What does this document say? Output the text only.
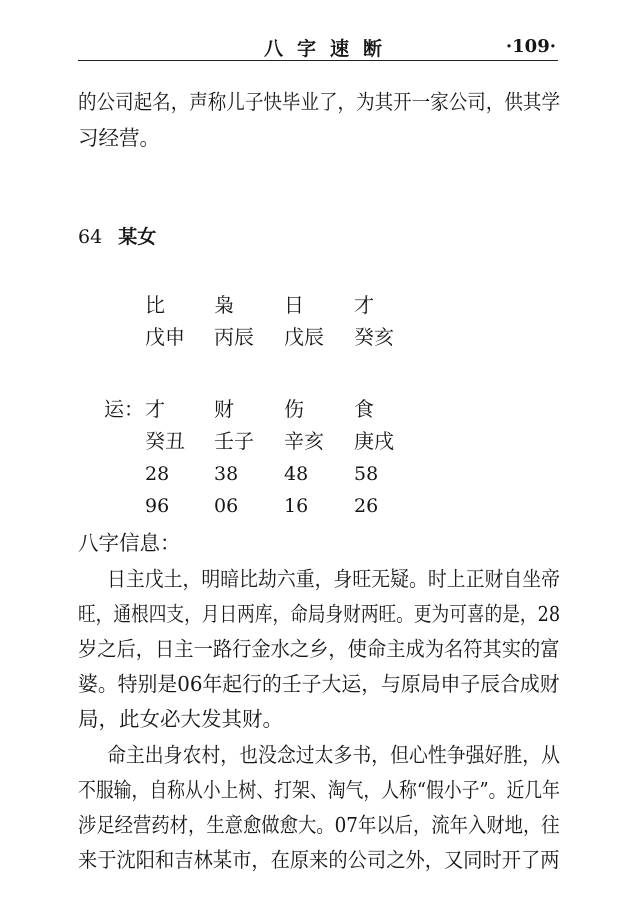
八字速断	·109·
的公司起名，声称儿子快毕业了，为其开一家公司，供其学
习经营。
64 某女
比 枭	日	才
戊申 丙辰 戊辰 癸亥
运： 才 财	伤	食
癸丑 壬子 辛亥 庚戌
28 38 48 58
96 06 16 26
八字信息：
日主戊土，明暗比劫六重，身旺无疑。时上正财自坐帝
旺，通根四支，月日两库，命局身财两旺。更为可喜的是，28
岁之后，日主一路行金水之乡，使命主成为名符其实的富
婆。特别是06年起行的壬子大运，与原局申子辰合成财
局，此女必大发其财。
命主出身农村，也没念过太多书，但心性争强好胜，从
不服输，自称从小上树、打架、淘气，人称“假小子”。近几年
涉足经营药材，生意愈做愈大。07年以后，流年入财地，往
来于沈阳和吉林某市，在原来的公司之外，又同时开了两
